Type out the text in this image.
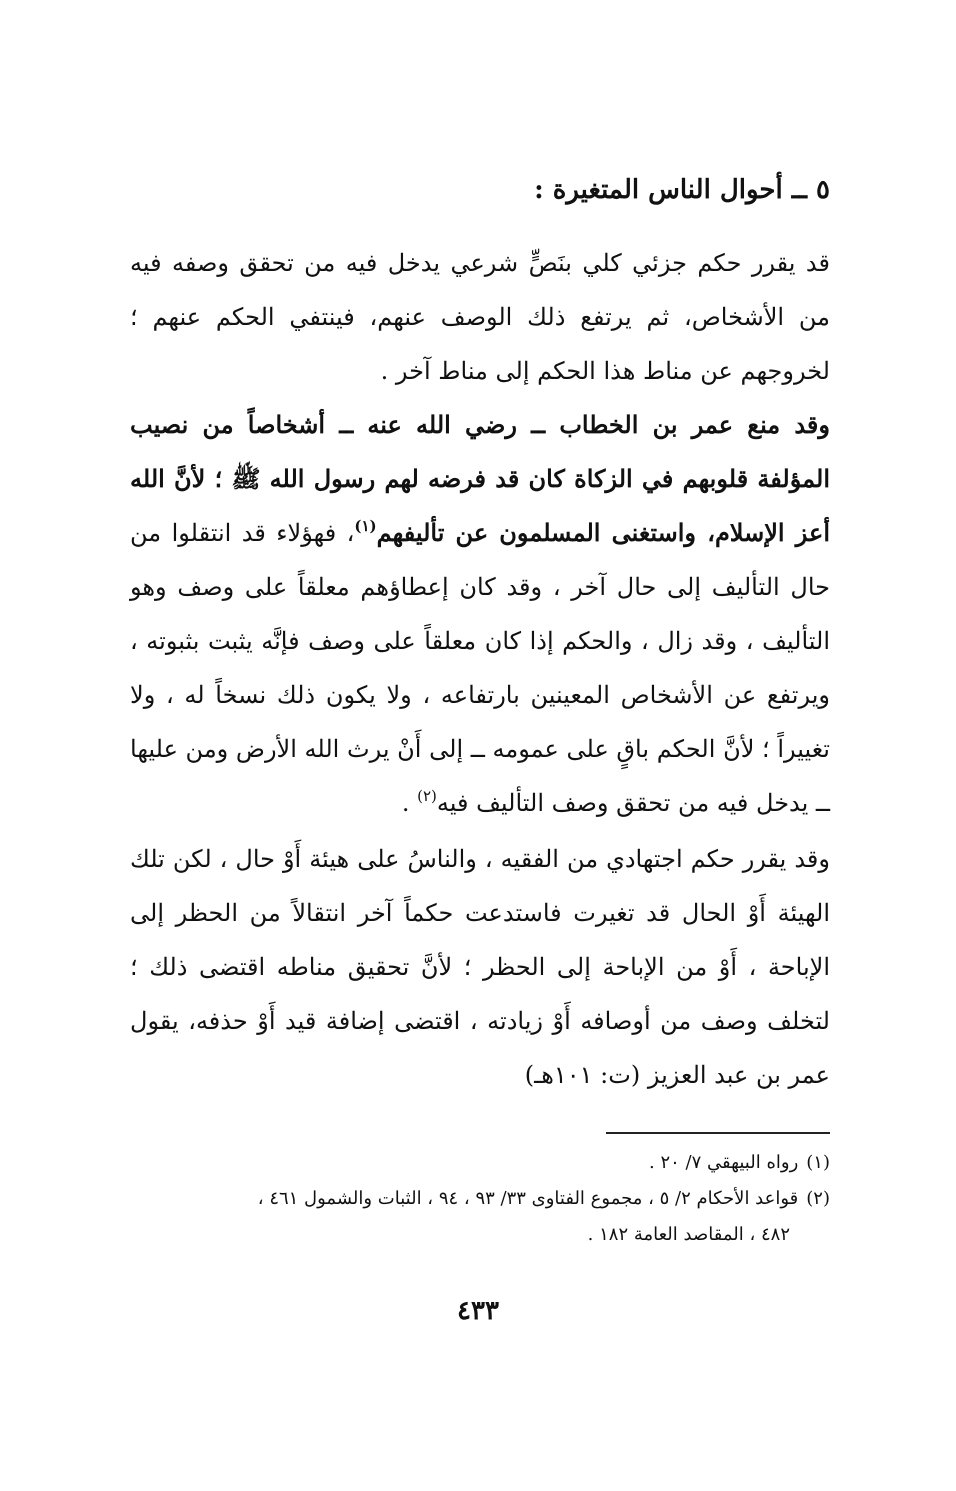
٥ ــ أحوال الناس المتغيرة :
قد يقرر حكم جزئي كلي بنَصٍّ شرعي يدخل فيه من تحقق وصفه فيه من الأشخاص، ثم يرتفع ذلك الوصف عنهم، فينتفي الحكم عنهم ؛ لخروجهم عن مناط هذا الحكم إلى مناط آخر .
وقد منع عمر بن الخطاب ــ رضي الله عنه ــ أشخاصاً من نصيب المؤلفة قلوبهم في الزكاة كان قد فرضه لهم رسول الله ﷺ ؛ لأنَّ الله أعز الإسلام، واستغنى المسلمون عن تأليفهم$^{(١)}$، فهؤلاء قد انتقلوا من حال التأليف إلى حال آخر ، وقد كان إعطاؤهم معلقاً على وصف وهو التأليف ، وقد زال ، والحكم إذا كان معلقاً على وصف فإنَّه يثبت بثبوته ، ويرتفع عن الأشخاص المعينين بارتفاعه ، ولا يكون ذلك نسخاً له ، ولا تغييراً ؛ لأنَّ الحكم باقٍ على عمومه ــ إلى أَنْ يرث الله الأرض ومن عليها ــ يدخل فيه من تحقق وصف التأليف فيه$^{(٢)}$ .
وقد يقرر حكم اجتهادي من الفقيه ، والناسُ على هيئة أَوْ حال ، لكن تلك الهيئة أَوْ الحال قد تغيرت فاستدعت حكماً آخر انتقالاً من الحظر إلى الإباحة ، أَوْ من الإباحة إلى الحظر ؛ لأنَّ تحقيق مناطه اقتضى ذلك ؛ لتخلف وصف من أوصافه أَوْ زيادته ، اقتضى إضافة قيد أَوْ حذفه، يقول عمر بن عبد العزيز (ت: ١٠١هـ)

(١)رواه البيهقي ٧/ ٢٠ .

(٢)قواعد الأحكام ٢/ ٥ ، مجموع الفتاوى ٣٣/ ٩٣ ، ٩٤ ، الثبات والشمول ٤٦١ ،

٤٨٢ ، المقاصد العامة ١٨٢ .

٤٣٣
